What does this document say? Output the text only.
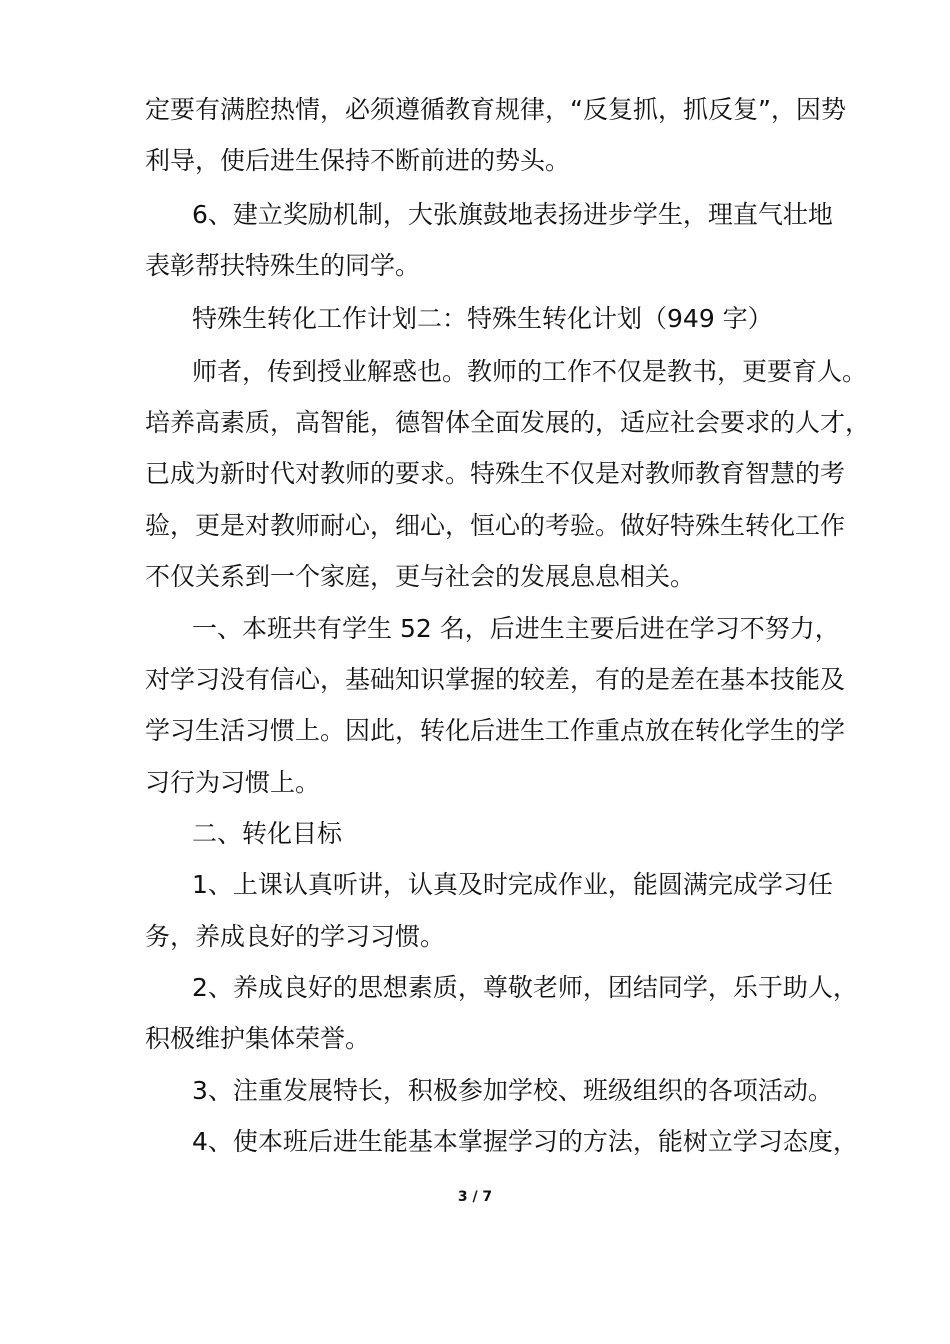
定要有满腔热情，必须遵循教育规律，“反复抓，抓反复”，因势
利导，使后进生保持不断前进的势头。
6、建立奖励机制，大张旗鼓地表扬进步学生，理直气壮地
表彰帮扶特殊生的同学。
特殊生转化工作计划二：特殊生转化计划（949 字）
师者，传到授业解惑也。教师的工作不仅是教书，更要育人。
培养高素质，高智能，德智体全面发展的，适应社会要求的人才，
已成为新时代对教师的要求。特殊生不仅是对教师教育智慧的考
验，更是对教师耐心，细心，恒心的考验。做好特殊生转化工作
不仅关系到一个家庭，更与社会的发展息息相关。
一、本班共有学生 52 名，后进生主要后进在学习不努力，
对学习没有信心，基础知识掌握的较差，有的是差在基本技能及
学习生活习惯上。因此，转化后进生工作重点放在转化学生的学
习行为习惯上。
二、转化目标
1、上课认真听讲，认真及时完成作业，能圆满完成学习任
务，养成良好的学习习惯。
2、养成良好的思想素质，尊敬老师，团结同学，乐于助人，
积极维护集体荣誉。
3、注重发展特长，积极参加学校、班级组织的各项活动。
4、使本班后进生能基本掌握学习的方法，能树立学习态度，
3 / 7
